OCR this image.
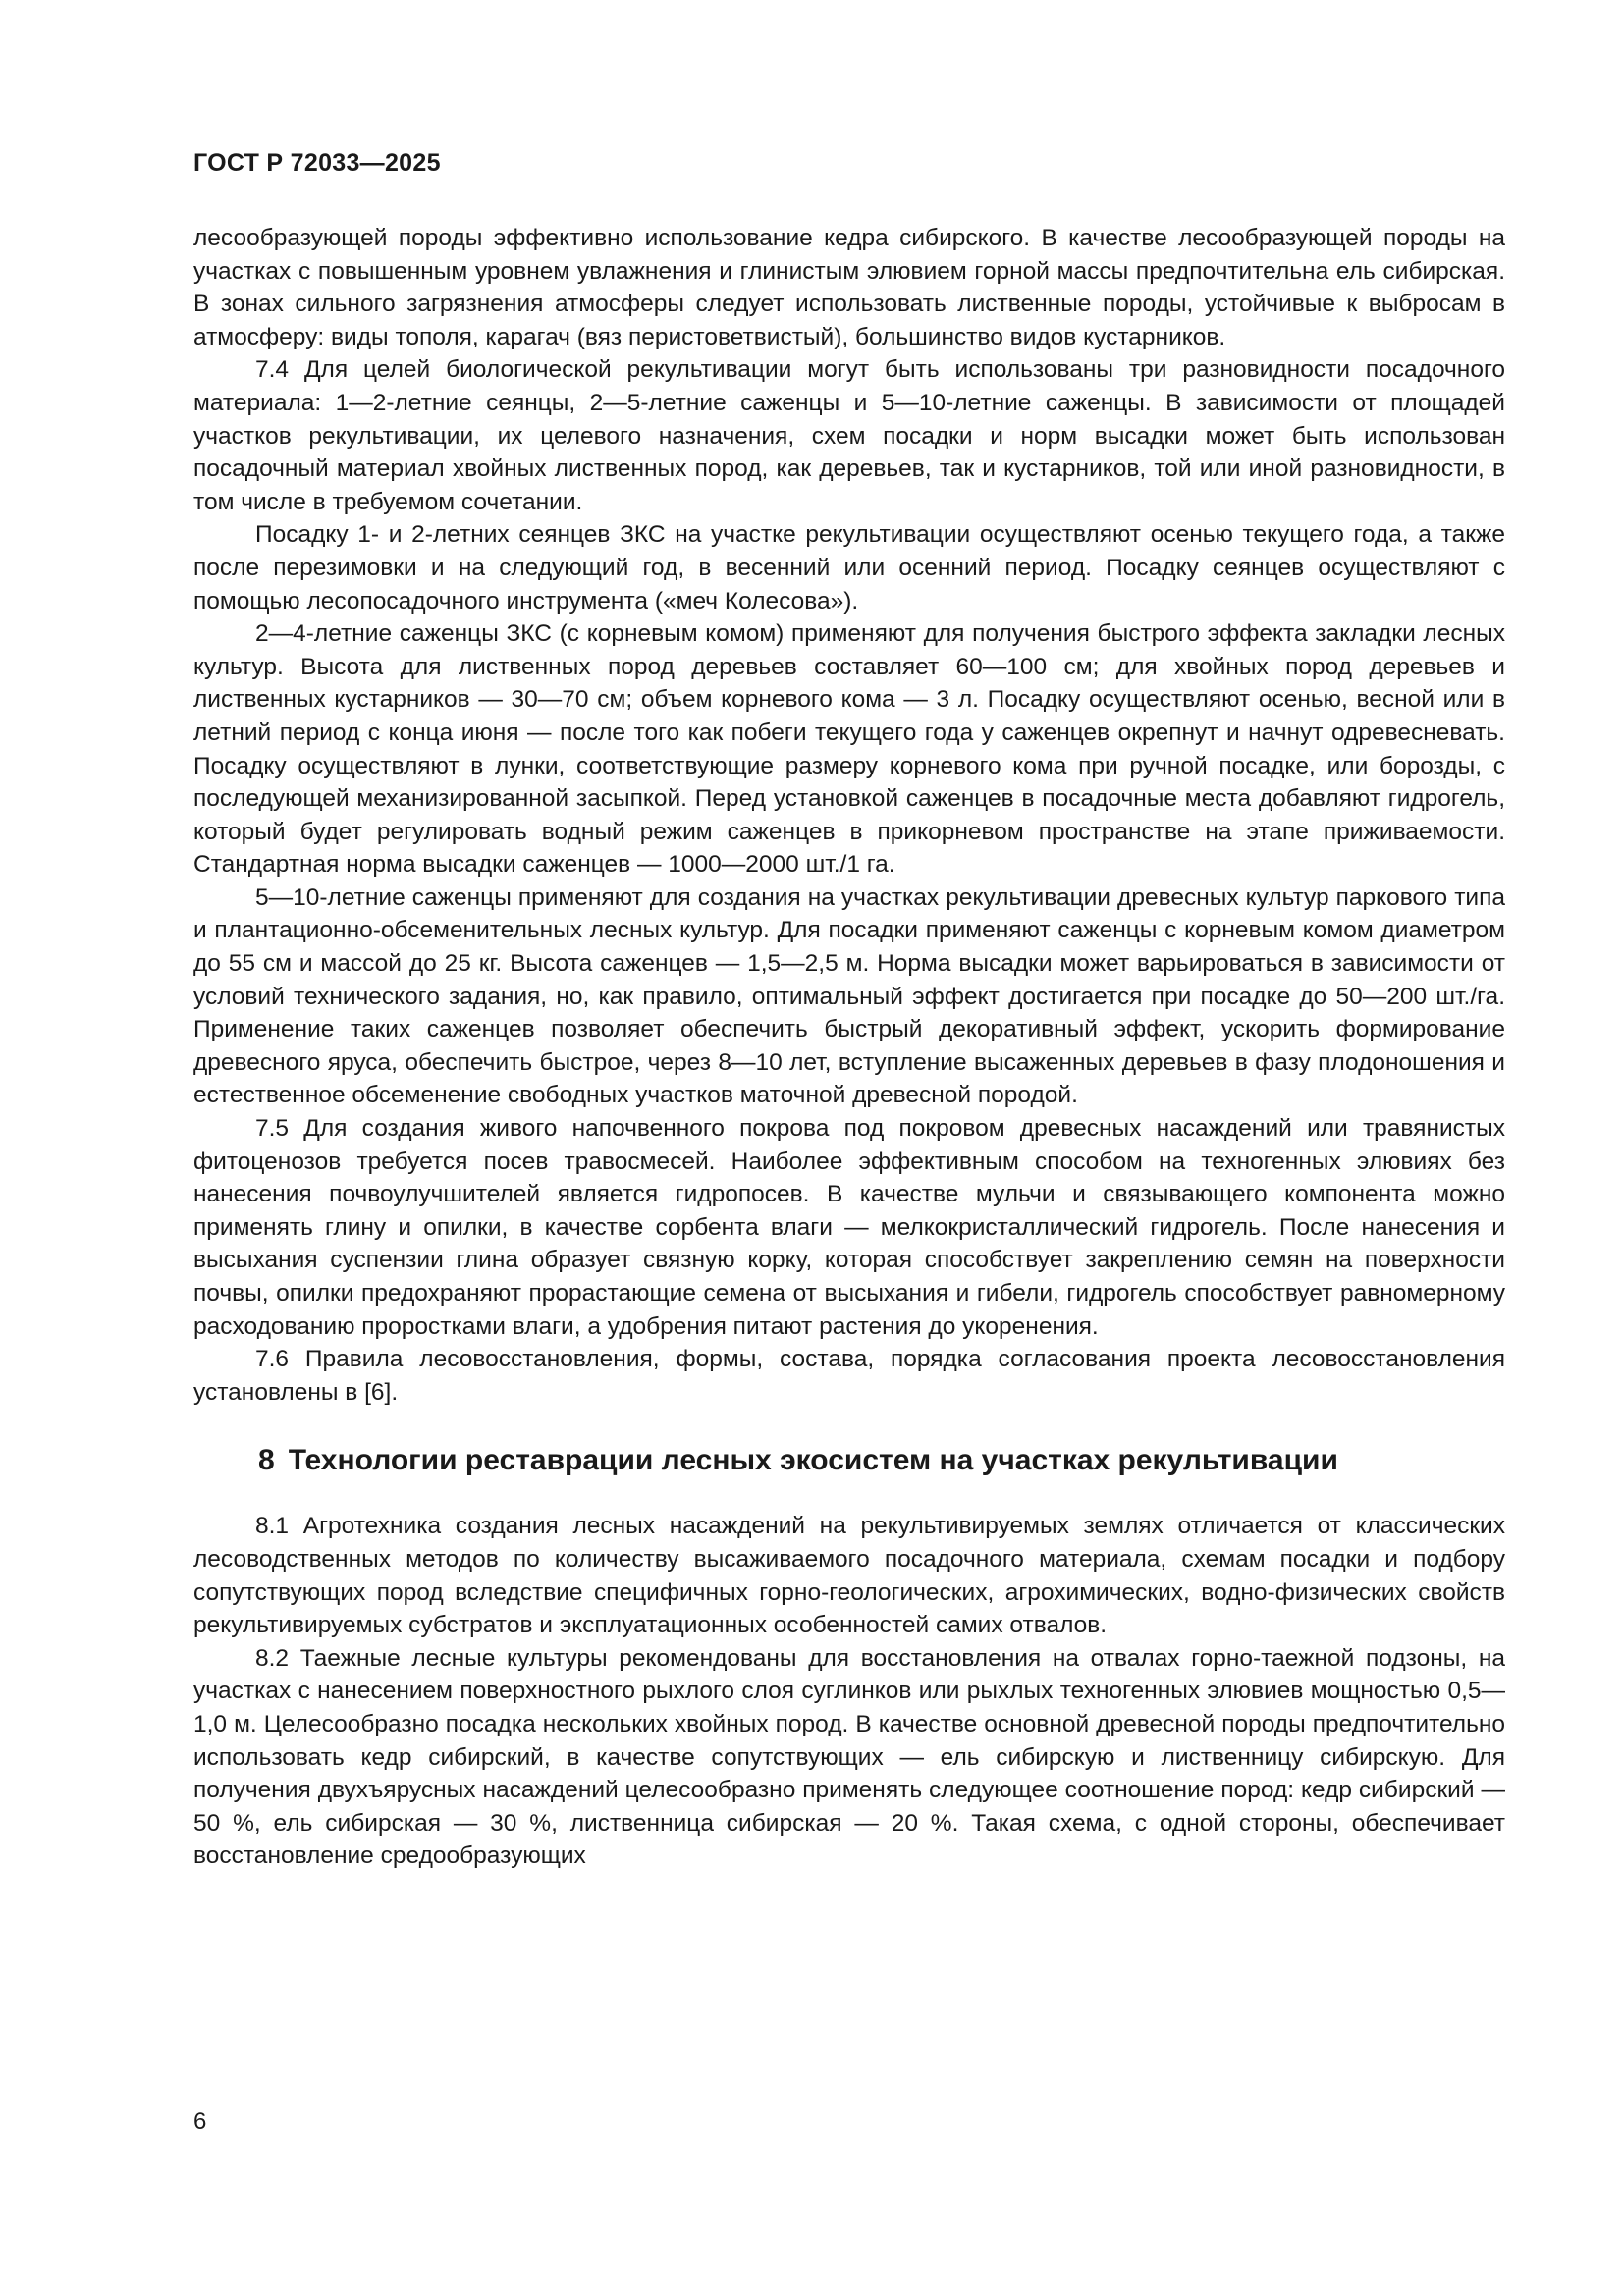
ГОСТ Р 72033—2025

лесообразующей породы эффективно использование кедра сибирского. В качестве лесообразующей породы на участках с повышенным уровнем увлажнения и глинистым элювием горной массы предпочтительна ель сибирская. В зонах сильного загрязнения атмосферы следует использовать лиственные породы, устойчивые к выбросам в атмосферу: виды тополя, карагач (вяз перистоветвистый), большинство видов кустарников.

7.4 Для целей биологической рекультивации могут быть использованы три разновидности посадочного материала: 1—2-летние сеянцы, 2—5-летние саженцы и 5—10-летние саженцы. В зависимости от площадей участков рекультивации, их целевого назначения, схем посадки и норм высадки может быть использован посадочный материал хвойных лиственных пород, как деревьев, так и кустарников, той или иной разновидности, в том числе в требуемом сочетании.

Посадку 1- и 2-летних сеянцев ЗКС на участке рекультивации осуществляют осенью текущего года, а также после перезимовки и на следующий год, в весенний или осенний период. Посадку сеянцев осуществляют с помощью лесопосадочного инструмента («меч Колесова»).

2—4-летние саженцы ЗКС (с корневым комом) применяют для получения быстрого эффекта закладки лесных культур. Высота для лиственных пород деревьев составляет 60—100 см; для хвойных пород деревьев и лиственных кустарников — 30—70 см; объем корневого кома — 3 л. Посадку осуществляют осенью, весной или в летний период с конца июня — после того как побеги текущего года у саженцев окрепнут и начнут одревесневать. Посадку осуществляют в лунки, соответствующие размеру корневого кома при ручной посадке, или борозды, с последующей механизированной засыпкой. Перед установкой саженцев в посадочные места добавляют гидрогель, который будет регулировать водный режим саженцев в прикорневом пространстве на этапе приживаемости. Стандартная норма высадки саженцев — 1000—2000 шт./1 га.

5—10-летние саженцы применяют для создания на участках рекультивации древесных культур паркового типа и плантационно-обсеменительных лесных культур. Для посадки применяют саженцы с корневым комом диаметром до 55 см и массой до 25 кг. Высота саженцев — 1,5—2,5 м. Норма высадки может варьироваться в зависимости от условий технического задания, но, как правило, оптимальный эффект достигается при посадке до 50—200 шт./га. Применение таких саженцев позволяет обеспечить быстрый декоративный эффект, ускорить формирование древесного яруса, обеспечить быстрое, через 8—10 лет, вступление высаженных деревьев в фазу плодоношения и естественное обсеменение свободных участков маточной древесной породой.

7.5 Для создания живого напочвенного покрова под покровом древесных насаждений или травянистых фитоценозов требуется посев травосмесей. Наиболее эффективным способом на техногенных элювиях без нанесения почвоулучшителей является гидропосев. В качестве мульчи и связывающего компонента можно применять глину и опилки, в качестве сорбента влаги — мелкокристаллический гидрогель. После нанесения и высыхания суспензии глина образует связную корку, которая способствует закреплению семян на поверхности почвы, опилки предохраняют прорастающие семена от высыхания и гибели, гидрогель способствует равномерному расходованию проростками влаги, а удобрения питают растения до укоренения.

7.6 Правила лесовосстановления, формы, состава, порядка согласования проекта лесовосстановления установлены в [6].

8 Технологии реставрации лесных экосистем на участках рекультивации

8.1 Агротехника создания лесных насаждений на рекультивируемых землях отличается от классических лесоводственных методов по количеству высаживаемого посадочного материала, схемам посадки и подбору сопутствующих пород вследствие специфичных горно-геологических, агрохимических, водно-физических свойств рекультивируемых субстратов и эксплуатационных особенностей самих отвалов.

8.2 Таежные лесные культуры рекомендованы для восстановления на отвалах горно-таежной подзоны, на участках с нанесением поверхностного рыхлого слоя суглинков или рыхлых техногенных элювиев мощностью 0,5—1,0 м. Целесообразно посадка нескольких хвойных пород. В качестве основной древесной породы предпочтительно использовать кедр сибирский, в качестве сопутствующих — ель сибирскую и лиственницу сибирскую. Для получения двухъярусных насаждений целесообразно применять следующее соотношение пород: кедр сибирский — 50 %, ель сибирская — 30 %, лиственница сибирская — 20 %. Такая схема, с одной стороны, обеспечивает восстановление средообразующих

6
